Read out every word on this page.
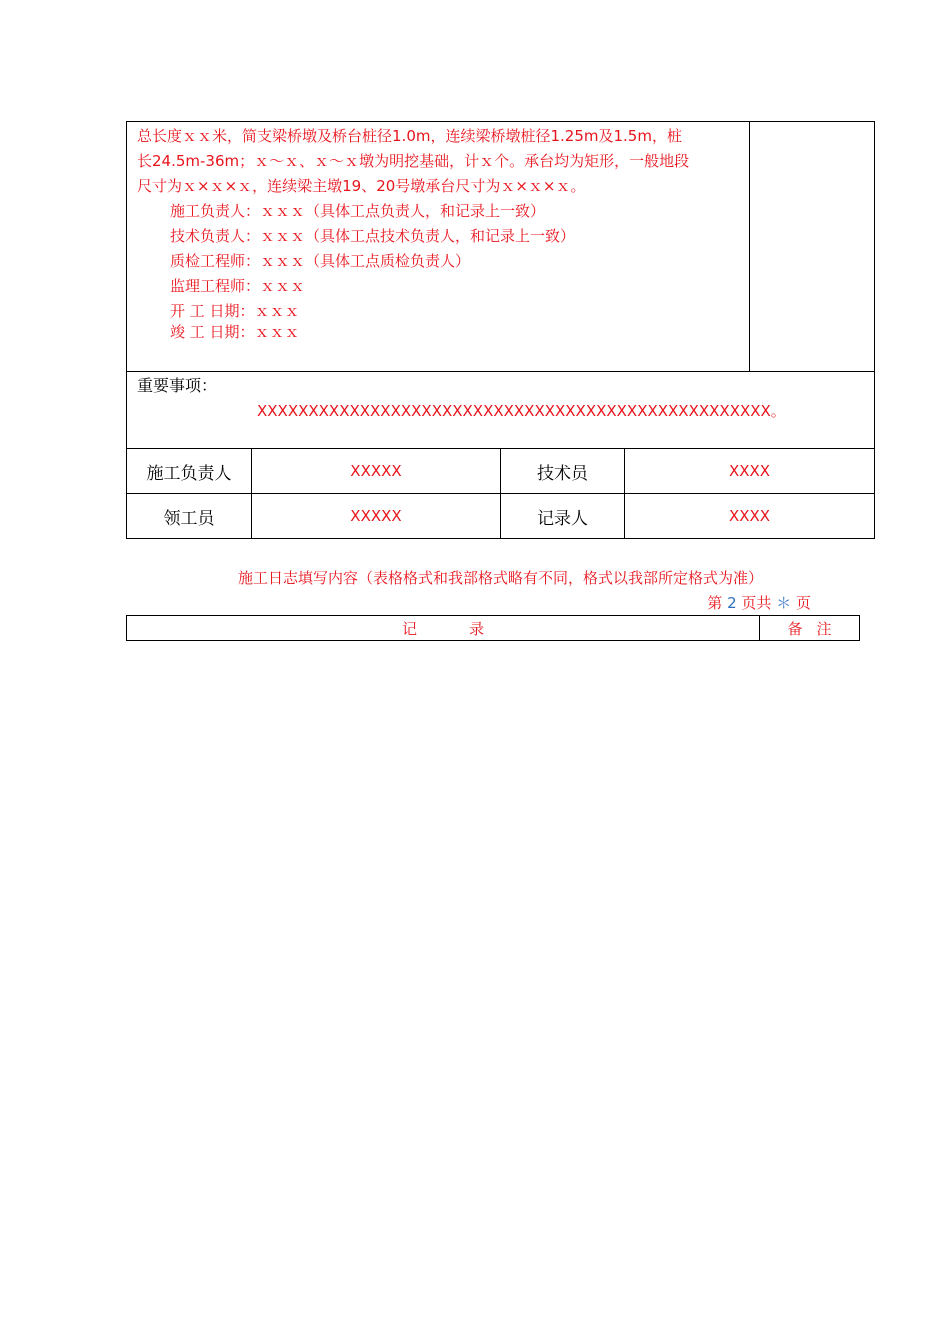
总长度ｘｘ米，简支梁桥墩及桥台桩径1.0m，连续梁桥墩桩径1.25m及1.5m，桩
长24.5m-36m；ｘ～ｘ、ｘ～ｘ墩为明挖基础，计ｘ个。承台均为矩形，一般地段
尺寸为ｘ×ｘ×ｘ，连续梁主墩19、20号墩承台尺寸为ｘ×ｘ×ｘ。
施工负责人：ｘｘｘ（具体工点负责人，和记录上一致）
技术负责人：ｘｘｘ（具体工点技术负责人，和记录上一致）
质检工程师：ｘｘｘ（具体工点质检负责人）
监理工程师：ｘｘｘ
开 工 日期：ｘｘｘ
竣 工 日期：ｘｘｘ
重要事项：
XXXXXXXXXXXXXXXXXXXXXXXXXXXXXXXXXXXXXXXXXXXXXXXXXX。
施工负责人	XXXXX	技术员	XXXX
领工员	XXXXX	记录人	XXXX
施工日志填写内容（表格格式和我部格式略有不同，格式以我部所定格式为准）
第 2 页共 ＊ 页
记录	备注
